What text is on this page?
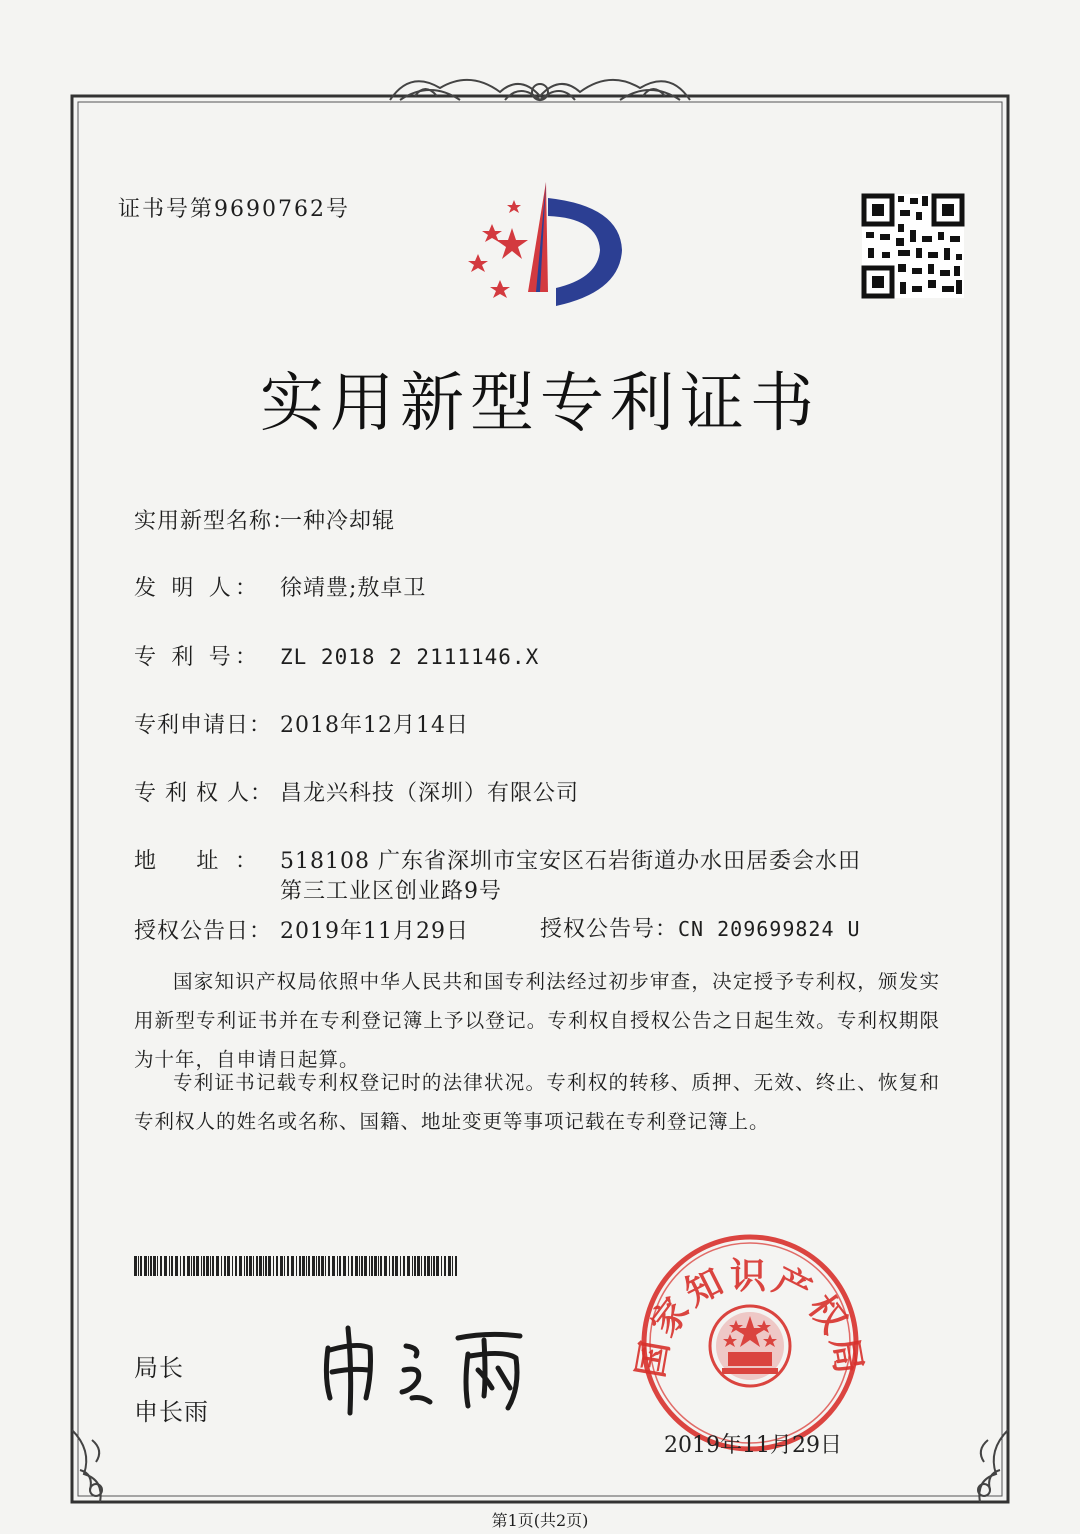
国家知识产权局
证书号第9690762号
实用新型专利证书
实用新型名称：一种冷却辊
发 明 人： 徐靖豊;敖卓卫
专 利 号： ZL 2018 2 2111146.X
专利申请日： 2018年12月14日
专 利 权 人： 昌龙兴科技（深圳）有限公司
地 址： 518108 广东省深圳市宝安区石岩街道办水田居委会水田
第三工业区创业路9号
授权公告日： 2019年11月29日	授权公告号：CN 209699824 U
国家知识产权局依照中华人民共和国专利法经过初步审查，决定授予专利权，颁发实用新型专利证书并在专利登记簿上予以登记。专利权自授权公告之日起生效。专利权期限为十年，自申请日起算。
专利证书记载专利权登记时的法律状况。专利权的转移、质押、无效、终止、恢复和专利权人的姓名或名称、国籍、地址变更等事项记载在专利登记簿上。
局长
申长雨
2019年11月29日
第1页(共2页)
